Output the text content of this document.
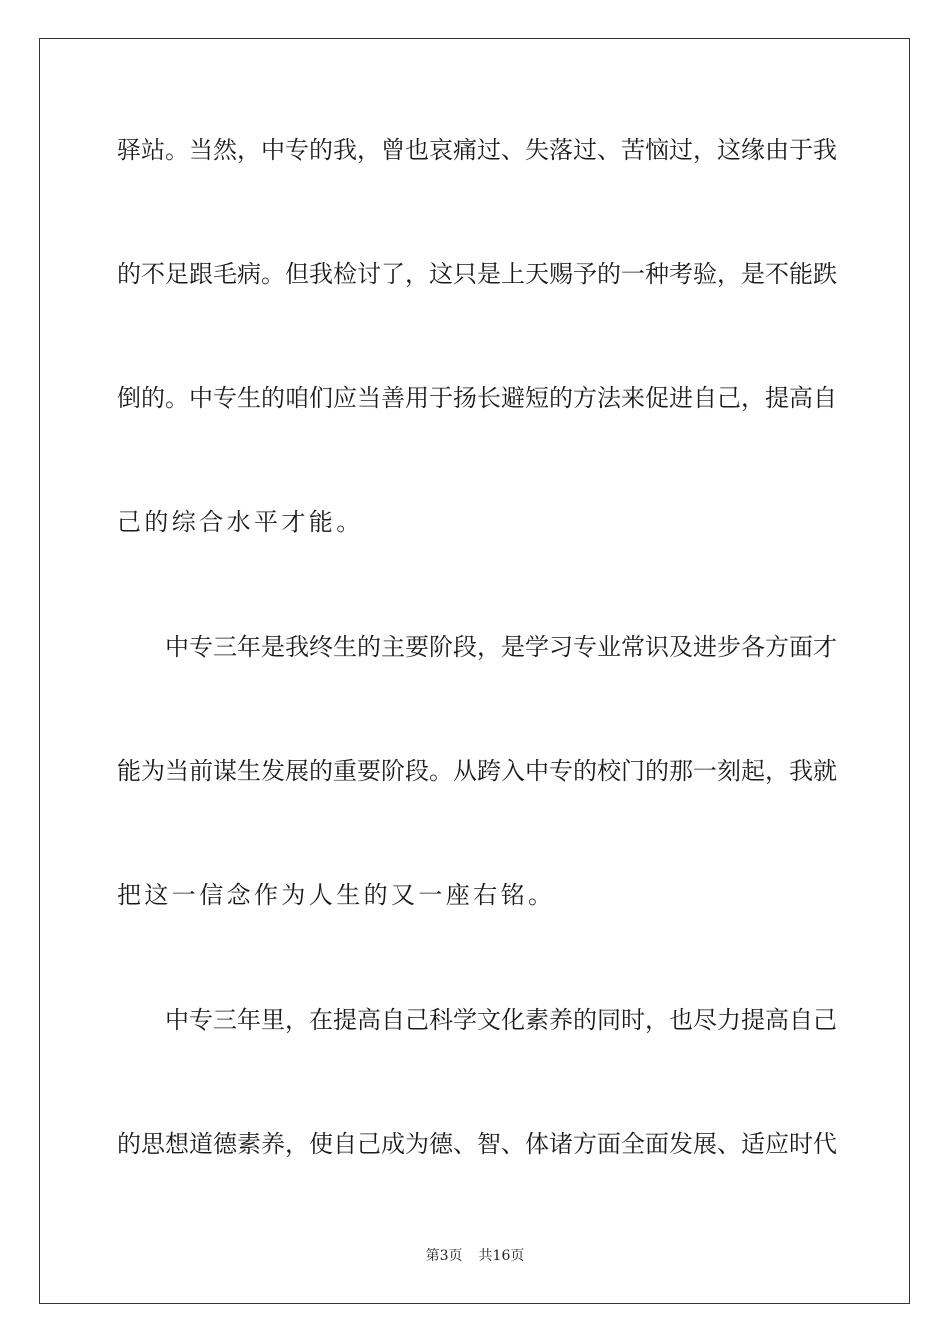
驿站。当然，中专的我，曾也哀痛过、失落过、苦恼过，这缘由于我
的不足跟毛病。但我检讨了，这只是上天赐予的一种考验，是不能跌
倒的。中专生的咱们应当善用于扬长避短的方法来促进自己，提高自
己的综合水平才能。
中专三年是我终生的主要阶段，是学习专业常识及进步各方面才
能为当前谋生发展的重要阶段。从跨入中专的校门的那一刻起，我就
把这一信念作为人生的又一座右铭。
中专三年里，在提高自己科学文化素养的同时，也尽力提高自己
的思想道德素养，使自己成为德、智、体诸方面全面发展、适应时代
第3页 共16页
